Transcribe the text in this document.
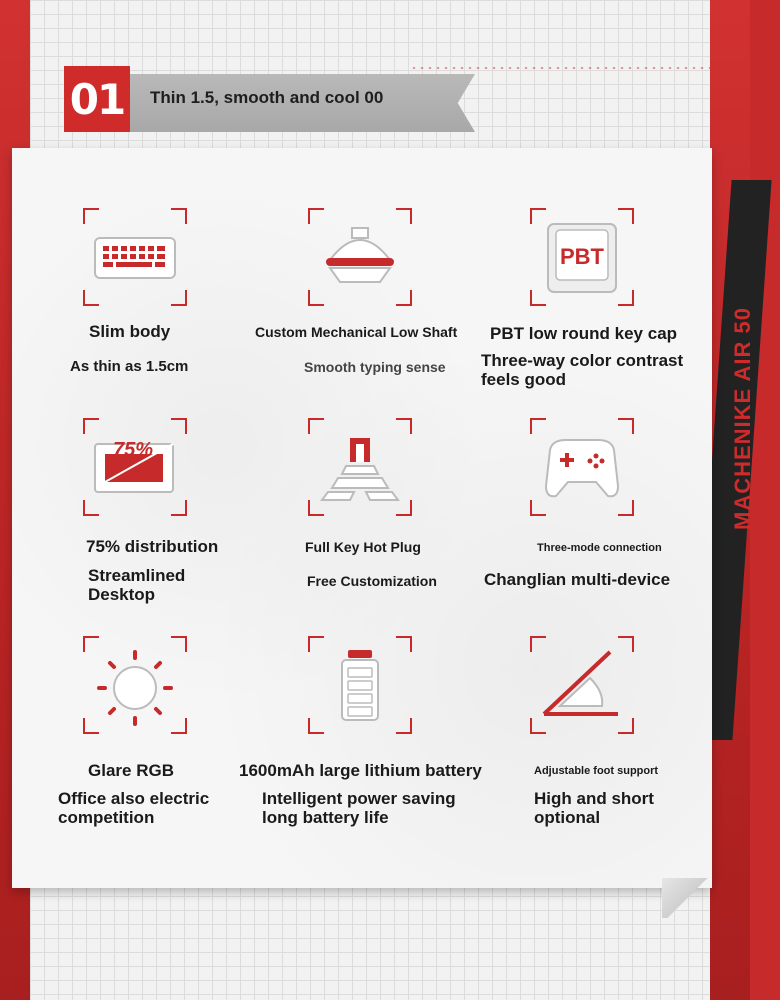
MACHENIKE AIR 50
01	Thin 1.5, smooth and cool 00
Slim body
As thin as 1.5cm
Custom Mechanical Low Shaft
Smooth typing sense
PBT
PBT low round key cap
Three-way color contrast feels good
75%
75% distribution
Streamlined Desktop
Full Key Hot Plug
Free Customization
Three-mode connection
Changlian multi-device
Glare RGB
Office also electric competition
1600mAh large lithium battery
Intelligent power saving long battery life
Adjustable foot support
High and short optional
